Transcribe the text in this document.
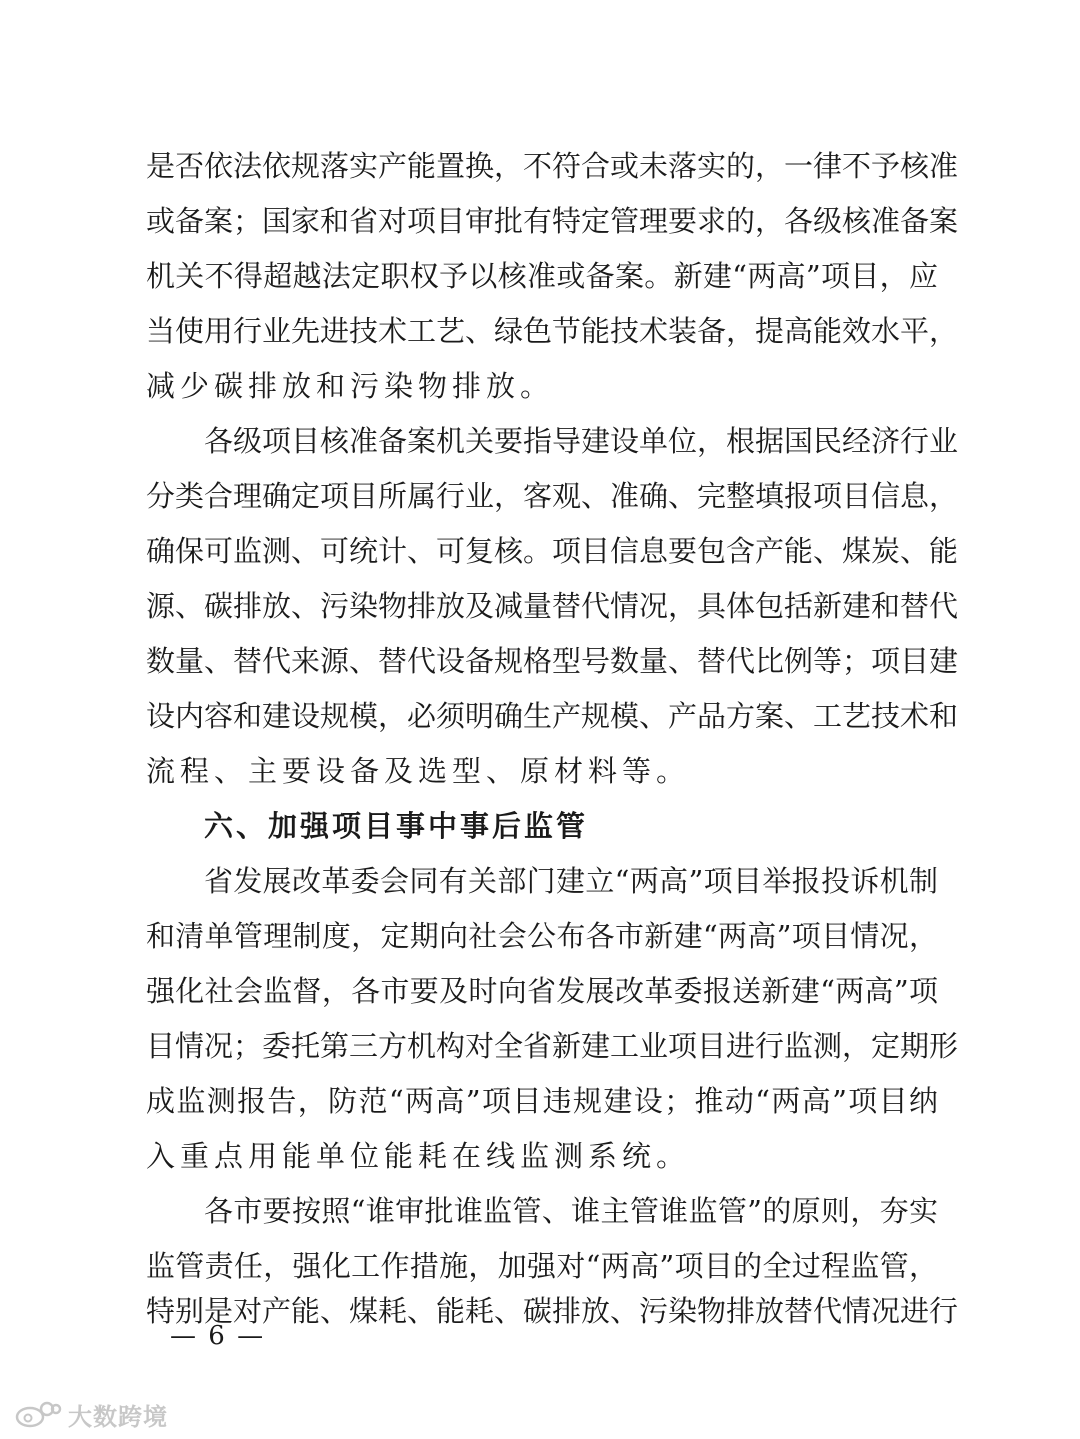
是否依法依规落实产能置换，不符合或未落实的，一律不予核准
或备案；国家和省对项目审批有特定管理要求的，各级核准备案
机关不得超越法定职权予以核准或备案。新建“两高”项目，应
当使用行业先进技术工艺、绿色节能技术装备，提高能效水平，
减少碳排放和污染物排放。
各级项目核准备案机关要指导建设单位，根据国民经济行业
分类合理确定项目所属行业，客观、准确、完整填报项目信息，
确保可监测、可统计、可复核。项目信息要包含产能、煤炭、能
源、碳排放、污染物排放及减量替代情况，具体包括新建和替代
数量、替代来源、替代设备规格型号数量、替代比例等；项目建
设内容和建设规模，必须明确生产规模、产品方案、工艺技术和
流程、主要设备及选型、原材料等。
六、加强项目事中事后监管
省发展改革委会同有关部门建立“两高”项目举报投诉机制
和清单管理制度，定期向社会公布各市新建“两高”项目情况，
强化社会监督，各市要及时向省发展改革委报送新建“两高”项
目情况；委托第三方机构对全省新建工业项目进行监测，定期形
成监测报告，防范“两高”项目违规建设；推动“两高”项目纳
入重点用能单位能耗在线监测系统。
各市要按照“谁审批谁监管、谁主管谁监管”的原则，夯实
监管责任，强化工作措施，加强对“两高”项目的全过程监管，
特别是对产能、煤耗、能耗、碳排放、污染物排放替代情况进行
— 6 —
大数跨境
